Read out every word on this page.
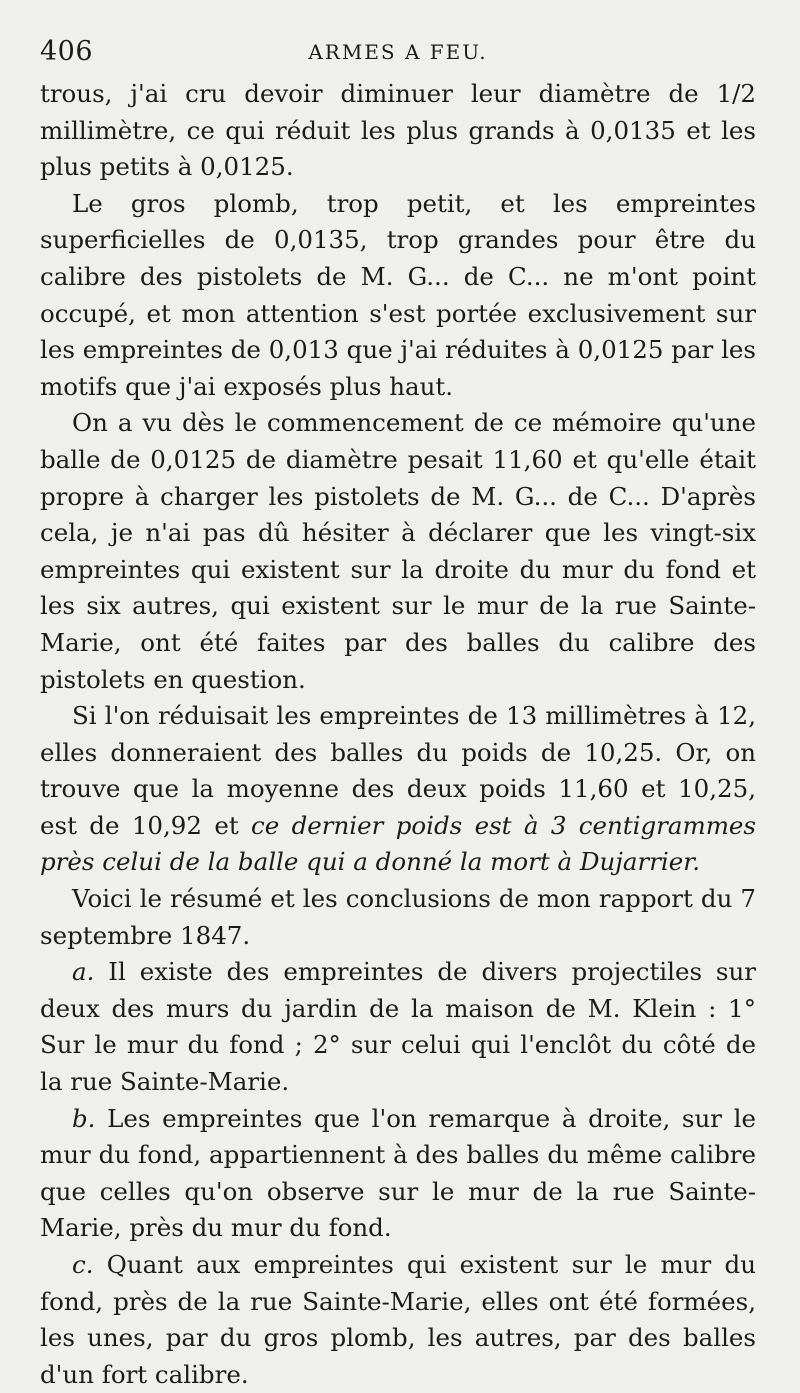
406	ARMES A FEU.

trous, j'ai cru devoir diminuer leur diamètre de 1/2 millimètre, ce qui réduit les plus grands à 0,0135 et les plus petits à 0,0125.

Le gros plomb, trop petit, et les empreintes superficielles de 0,0135, trop grandes pour être du calibre des pistolets de M. G... de C... ne m'ont point occupé, et mon attention s'est portée exclusivement sur les empreintes de 0,013 que j'ai réduites à 0,0125 par les motifs que j'ai exposés plus haut.

On a vu dès le commencement de ce mémoire qu'une balle de 0,0125 de diamètre pesait 11,60 et qu'elle était propre à charger les pistolets de M. G... de C... D'après cela, je n'ai pas dû hésiter à déclarer que les vingt-six empreintes qui existent sur la droite du mur du fond et les six autres, qui existent sur le mur de la rue Sainte-Marie, ont été faites par des balles du calibre des pistolets en question.

Si l'on réduisait les empreintes de 13 millimètres à 12, elles donneraient des balles du poids de 10,25. Or, on trouve que la moyenne des deux poids 11,60 et 10,25, est de 10,92 et ce dernier poids est à 3 centigrammes près celui de la balle qui a donné la mort à Dujarrier.

Voici le résumé et les conclusions de mon rapport du 7 septembre 1847.

a. Il existe des empreintes de divers projectiles sur deux des murs du jardin de la maison de M. Klein : 1° Sur le mur du fond ; 2° sur celui qui l'enclôt du côté de la rue Sainte-Marie.

b. Les empreintes que l'on remarque à droite, sur le mur du fond, appartiennent à des balles du même calibre que celles qu'on observe sur le mur de la rue Sainte-Marie, près du mur du fond.

c. Quant aux empreintes qui existent sur le mur du fond, près de la rue Sainte-Marie, elles ont été formées, les unes, par du gros plomb, les autres, par des balles d'un fort calibre.
